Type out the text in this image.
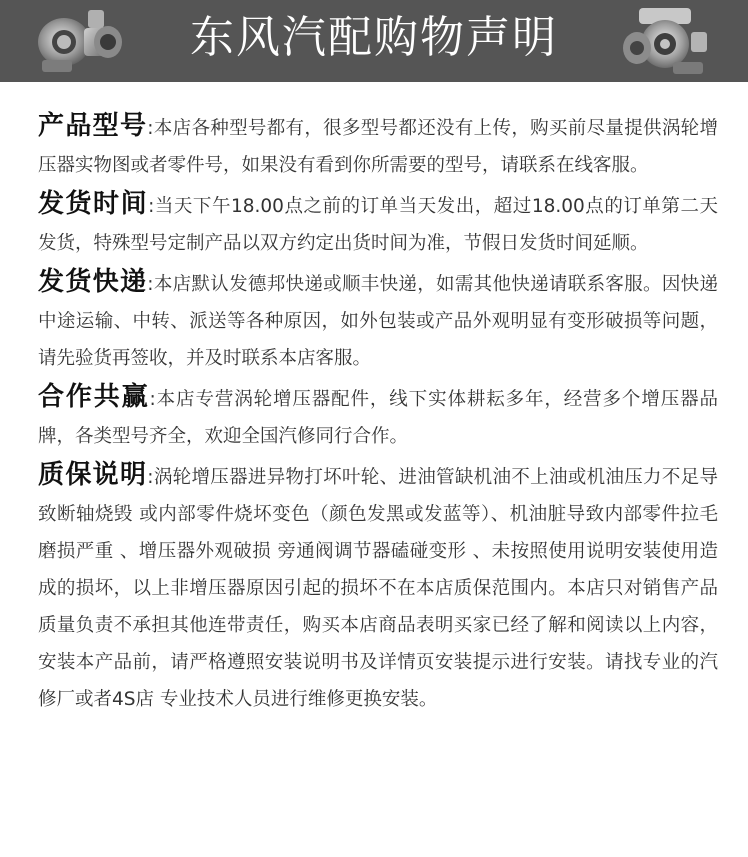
东风汽配购物声明

产品型号:本店各种型号都有，很多型号都还没有上传，购买前尽量提供涡轮增压器实物图或者零件号，如果没有看到你所需要的型号，请联系在线客服。

发货时间:当天下午18.00点之前的订单当天发出，超过18.00点的订单第二天发货，特殊型号定制产品以双方约定出货时间为准，节假日发货时间延顺。

发货快递:本店默认发德邦快递或顺丰快递，如需其他快递请联系客服。因快递中途运输、中转、派送等各种原因，如外包装或产品外观明显有变形破损等问题，请先验货再签收，并及时联系本店客服。

合作共赢:本店专营涡轮增压器配件，线下实体耕耘多年，经营多个增压器品牌，各类型号齐全，欢迎全国汽修同行合作。

质保说明:涡轮增压器进异物打坏叶轮、进油管缺机油不上油或机油压力不足导致断轴烧毁 或内部零件烧坏变色（颜色发黑或发蓝等）、机油脏导致内部零件拉毛 磨损严重 、增压器外观破损 旁通阀调节器磕碰变形 、未按照使用说明安装使用造成的损坏，以上非增压器原因引起的损坏不在本店质保范围内。本店只对销售产品质量负责不承担其他连带责任，购买本店商品表明买家已经了解和阅读以上内容，安装本产品前，请严格遵照安装说明书及详情页安装提示进行安装。请找专业的汽修厂或者4S店 专业技术人员进行维修更换安装。
